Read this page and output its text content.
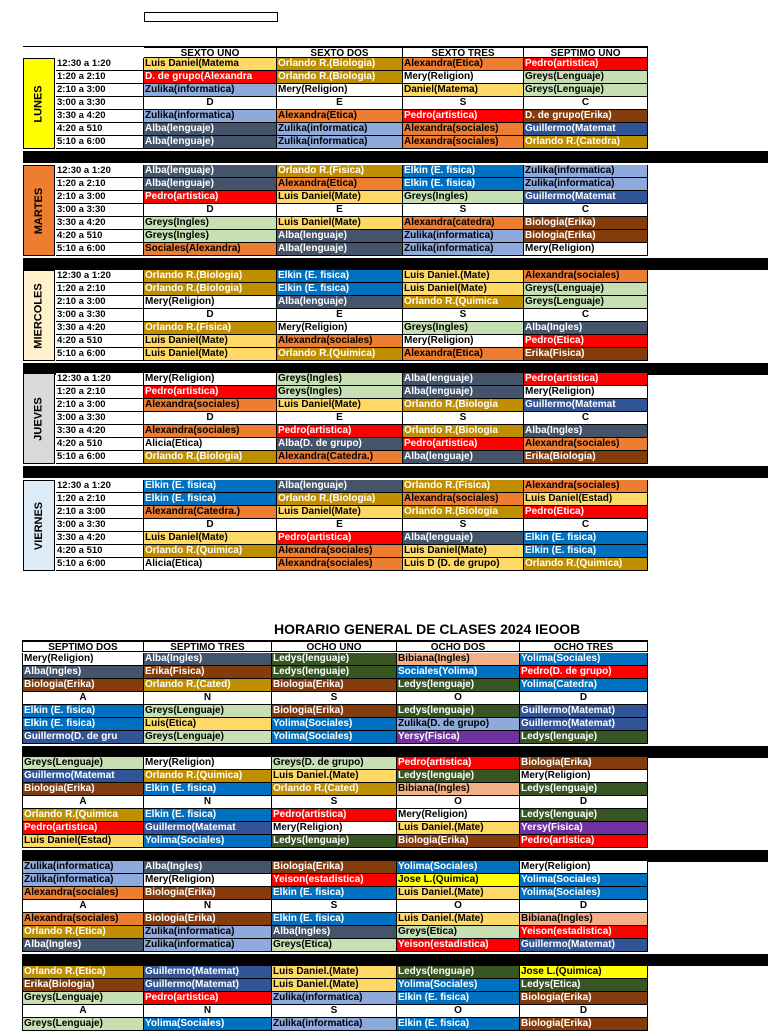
HORARIO GENERAL DE CLASES 2024 IEOOB
SEXTO UNO	SEXTO DOS	SEXTO TRES	SEPTIMO UNO
LUNES
12:30 a 1:20	Luis Daniel(Matema	Orlando R.(Biologia)	Alexandra(Etica)	Pedro(artistica)
1:20 a 2:10	D. de grupo(Alexandra	Orlando R.(Biologia)	Mery(Religion)	Greys(Lenguaje)
2:10 a 3:00	Zulika(informatica)	Mery(Religion)	Daniel(Matema)	Greys(Lenguaje)
3:00 a 3:30	D	E	S	C
3:30 a 4:20	Zulika(informatica)	Alexandra(Etica)	Pedro(artistica)	D. de grupo(Erika)
4:20 a 510	Alba(lenguaje)	Zulika(informatica)	Alexandra(sociales)	Guillermo(Matemat
5:10 a 6:00	Alba(lenguaje)	Zulika(informatica)	Alexandra(sociales)	Orlando R.(Catedra)
MARTES
12:30 a 1:20	Alba(lenguaje)	Orlando R.(Fisica)	Elkin (E. fisica)	Zulika(informatica)
1:20 a 2:10	Alba(lenguaje)	Alexandra(Etica)	Elkin (E. fisica)	Zulika(informatica)
2:10 a 3:00	Pedro(artistica)	Luis Daniel(Mate)	Greys(Ingles)	Guillermo(Matemat
3:00 a 3:30	D	E	S	C
3:30 a 4:20	Greys(Ingles)	Luis Daniel(Mate)	Alexandra(catedra)	Biologia(Erika)
4:20 a 510	Greys(Ingles)	Alba(lenguaje)	Zulika(informatica)	Biologia(Erika)
5:10 a 6:00	Sociales(Alexandra)	Alba(lenguaje)	Zulika(informatica)	Mery(Religion)
MIERCOLES
12:30 a 1:20	Orlando R.(Biologia)	Elkin (E. fisica)	Luis Daniel.(Mate)	Alexandra(sociales)
1:20 a 2:10	Orlando R.(Biologia)	Elkin (E. fisica)	Luis Daniel(Mate)	Greys(Lenguaje)
2:10 a 3:00	Mery(Religion)	Alba(lenguaje)	Orlando R.(Quimica	Greys(Lenguaje)
3:00 a 3:30	D	E	S	C
3:30 a 4:20	Orlando R.(Fisica)	Mery(Religion)	Greys(Ingles)	Alba(Ingles)
4:20 a 510	Luis Daniel(Mate)	Alexandra(sociales)	Mery(Religion)	Pedro(Etica)
5:10 a 6:00	Luis Daniel(Mate)	Orlando R.(Quimica)	Alexandra(Etica)	Erika(Fisica)
JUEVES
12:30 a 1:20	Mery(Religion)	Greys(Ingles)	Alba(lenguaje)	Pedro(artistica)
1:20 a 2:10	Pedro(artistica)	Greys(Ingles)	Alba(lenguaje)	Mery(Religion)
2:10 a 3:00	Alexandra(sociales)	Luis Daniel(Mate)	Orlando R.(Biologia	Guillermo(Matemat
3:00 a 3:30	D	E	S	C
3:30 a 4:20	Alexandra(sociales)	Pedro(artistica)	Orlando R.(Biologia	Alba(Ingles)
4:20 a 510	Alicia(Etica)	Alba(D. de grupo)	Pedro(artistica)	Alexandra(sociales)
5:10 a 6:00	Orlando R.(Biologia)	Alexandra(Catedra.)	Alba(lenguaje)	Erika(Biologia)
VIERNES
12:30 a 1:20	Elkin (E. fisica)	Alba(lenguaje)	Orlando R.(Fisica)	Alexandra(sociales)
1:20 a 2:10	Elkin (E. fisica)	Orlando R.(Biologia)	Alexandra(sociales)	Luis Daniel(Estad)
2:10 a 3:00	Alexandra(Catedra.)	Luis Daniel(Mate)	Orlando R.(Biologia	Pedro(Etica)
3:00 a 3:30	D	E	S	C
3:30 a 4:20	Luis Daniel(Mate)	Pedro(artistica)	Alba(lenguaje)	Elkin (E. fisica)
4:20 a 510	Orlando R.(Quimica)	Alexandra(sociales)	Luis Daniel(Mate)	Elkin (E. fisica)
5:10 a 6:00	Alicia(Etica)	Alexandra(sociales)	Luis D (D. de grupo)	Orlando R.(Quimica)
SEPTIMO DOS	SEPTIMO TRES	OCHO UNO	OCHO DOS	OCHO TRES
Mery(Religion)	Alba(Ingles)	Ledys(lenguaje)	Bibiana(Ingles)	Yolima(Sociales)
Alba(Ingles)	Erika(Fisica)	Ledys(lenguaje)	Sociales(Yolima)	Pedro(D. de grupo)
Biologia(Erika)	Orlando R.(Cated)	Biologia(Erika)	Ledys(lenguaje)	Yolima(Catedra)
A	N	S	O	D
Elkin (E. fisica)	Greys(Lenguaje)	Biologia(Erika)	Ledys(lenguaje)	Guillermo(Matemat)
Elkin (E. fisica)	Luis(Etica)	Yolima(Sociales)	Zulika(D. de grupo)	Guillermo(Matemat)
Guillermo(D. de gru	Greys(Lenguaje)	Yolima(Sociales)	Yersy(Fisica)	Ledys(lenguaje)
Greys(Lenguaje)	Mery(Religion)	Greys(D. de grupo)	Pedro(artistica)	Biologia(Erika)
Guillermo(Matemat	Orlando R.(Quimica)	Luis Daniel.(Mate)	Ledys(lenguaje)	Mery(Religion)
Biologia(Erika)	Elkin (E. fisica)	Orlando R.(Cated)	Bibiana(Ingles)	Ledys(lenguaje)
A	N	S	O	D
Orlando R.(Quimica	Elkin (E. fisica)	Pedro(artistica)	Mery(Religion)	Ledys(lenguaje)
Pedro(artistica)	Guillermo(Matemat	Mery(Religion)	Luis Daniel.(Mate)	Yersy(Fisica)
Luis Daniel(Estad)	Yolima(Sociales)	Ledys(lenguaje)	Biologia(Erika)	Pedro(artistica)
Zulika(informatica)	Alba(Ingles)	Biologia(Erika)	Yolima(Sociales)	Mery(Religion)
Zulika(informatica)	Mery(Religion)	Yeison(estadistica)	Jose L.(Quimica)	Yolima(Sociales)
Alexandra(sociales)	Biologia(Erika)	Elkin (E. fisica)	Luis Daniel.(Mate)	Yolima(Sociales)
A	N	S	O	D
Alexandra(sociales)	Biologia(Erika)	Elkin (E. fisica)	Luis Daniel.(Mate)	Bibiana(Ingles)
Orlando R.(Etica)	Zulika(informatica)	Alba(Ingles)	Greys(Etica)	Yeison(estadistica)
Alba(Ingles)	Zulika(informatica)	Greys(Etica)	Yeison(estadistica)	Guillermo(Matemat)
Orlando R.(Etica)	Guillermo(Matemat)	Luis Daniel.(Mate)	Ledys(lenguaje)	Jose L.(Quimica)
Erika(Biologia)	Guillermo(Matemat)	Luis Daniel.(Mate)	Yolima(Sociales)	Ledys(Etica)
Greys(Lenguaje)	Pedro(artistica)	Zulika(informatica)	Elkin (E. fisica)	Biologia(Erika)
A	N	S	O	D
Greys(Lenguaje)	Yolima(Sociales)	Zulika(informatica)	Elkin (E. fisica)	Biologia(Erika)
